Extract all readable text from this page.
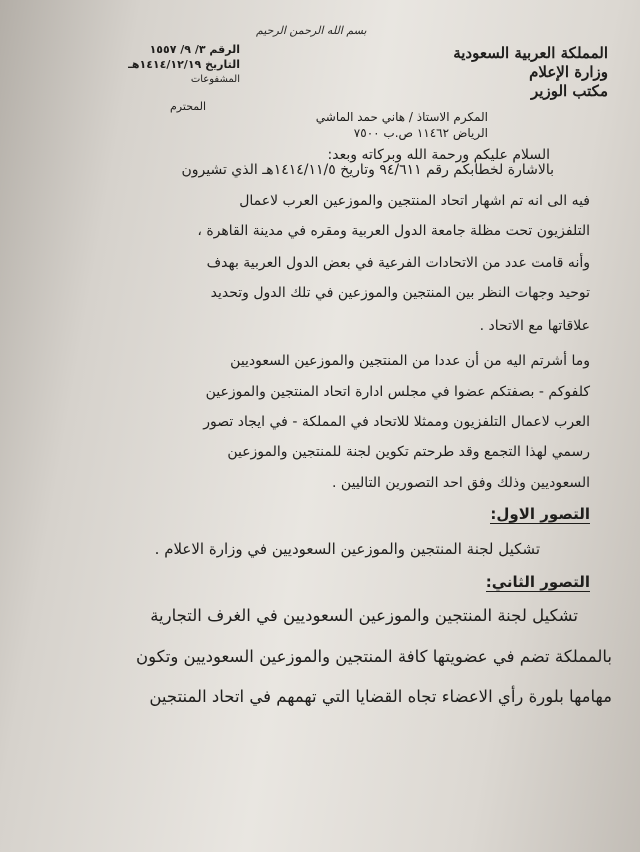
بسم الله الرحمن الرحيم
المملكة العربية السعودية
وزارة الإعلام
مكتب الوزير
الرقم ٣/ ٩/ ١٥٥٧
التاريخ ١٤١٤/١٢/١٩هـ
المشفوعات
المحترم
المكرم الاستاذ / هاني حمد الماشي
الرياض ١١٤٦٢ ص.ب ٧٥٠٠
السلام عليكم ورحمة الله وبركاته وبعد:
بالاشارة لخطابكم رقم ٩٤/٦١١ وتاريخ ١٤١٤/١١/٥هـ الذي تشيرون
فيه الى انه تم اشهار اتحاد المنتجين والموزعين العرب لاعمال
التلفزيون تحت مظلة جامعة الدول العربية ومقره في مدينة القاهرة ،
وأنه قامت عدد من الاتحادات الفرعية في بعض الدول العربية بهدف
توحيد وجهات النظر بين المنتجين والموزعين في تلك الدول وتحديد
علاقاتها مع الاتحاد .
وما أشرتم اليه من أن عددا من المنتجين والموزعين السعوديين
كلفوكم - بصفتكم عضوا في مجلس ادارة اتحاد المنتجين والموزعين
العرب لاعمال التلفزيون وممثلا للاتحاد في المملكة - في ايجاد تصور
رسمي لهذا التجمع وقد طرحتم تكوين لجنة للمنتجين والموزعين
السعوديين وذلك وفق احد التصورين التاليين .
التصور الاول:
تشكيل لجنة المنتجين والموزعين السعوديين في وزارة الاعلام .
التصور الثاني:
تشكيل لجنة المنتجين والموزعين السعوديين في الغرف التجارية
بالمملكة تضم في عضويتها كافة المنتجين والموزعين السعوديين وتكون
مهامها بلورة رأي الاعضاء تجاه القضايا التي تهمهم في اتحاد المنتجين
